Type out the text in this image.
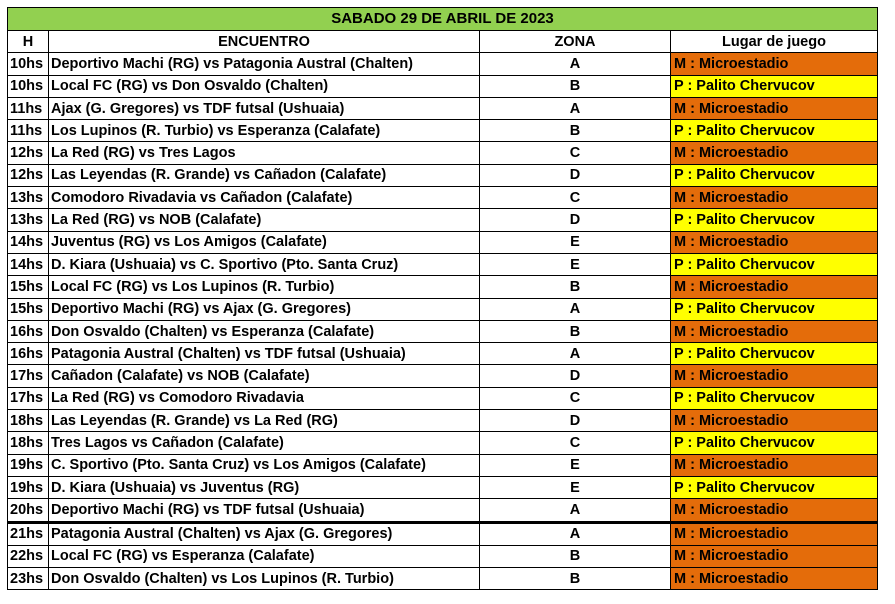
SABADO 29 DE ABRIL DE 2023			
H	ENCUENTRO	ZONA	Lugar de juego
10hs	Deportivo Machi (RG) vs Patagonia Austral (Chalten)	A	M : Microestadio
10hs	Local FC (RG) vs Don Osvaldo (Chalten)	B	P : Palito Chervucov
11hs	Ajax (G. Gregores) vs TDF futsal (Ushuaia)	A	M : Microestadio
11hs	Los Lupinos (R. Turbio) vs Esperanza (Calafate)	B	P : Palito Chervucov
12hs	La Red (RG) vs Tres Lagos	C	M : Microestadio
12hs	Las Leyendas (R. Grande) vs Cañadon (Calafate)	D	P : Palito Chervucov
13hs	Comodoro Rivadavia vs Cañadon (Calafate)	C	M : Microestadio
13hs	La Red (RG) vs NOB (Calafate)	D	P : Palito Chervucov
14hs	Juventus (RG) vs Los Amigos (Calafate)	E	M : Microestadio
14hs	D. Kiara (Ushuaia) vs C. Sportivo (Pto. Santa Cruz)	E	P : Palito Chervucov
15hs	Local FC (RG) vs Los Lupinos (R. Turbio)	B	M : Microestadio
15hs	Deportivo Machi (RG) vs Ajax (G. Gregores)	A	P : Palito Chervucov
16hs	Don Osvaldo (Chalten) vs Esperanza (Calafate)	B	M : Microestadio
16hs	Patagonia Austral (Chalten) vs TDF futsal (Ushuaia)	A	P : Palito Chervucov
17hs	Cañadon (Calafate) vs NOB (Calafate)	D	M : Microestadio
17hs	La Red (RG) vs Comodoro Rivadavia	C	P : Palito Chervucov
18hs	Las Leyendas (R. Grande) vs La Red (RG)	D	M : Microestadio
18hs	Tres Lagos vs Cañadon (Calafate)	C	P : Palito Chervucov
19hs	C. Sportivo (Pto. Santa Cruz) vs Los Amigos (Calafate)	E	M : Microestadio
19hs	D. Kiara (Ushuaia) vs Juventus (RG)	E	P : Palito Chervucov
20hs	Deportivo Machi (RG) vs TDF futsal (Ushuaia)	A	M : Microestadio
21hs	Patagonia Austral (Chalten) vs Ajax (G. Gregores)	A	M : Microestadio
22hs	Local FC (RG) vs Esperanza (Calafate)	B	M : Microestadio
23hs	Don Osvaldo (Chalten) vs Los Lupinos (R. Turbio)	B	M : Microestadio
